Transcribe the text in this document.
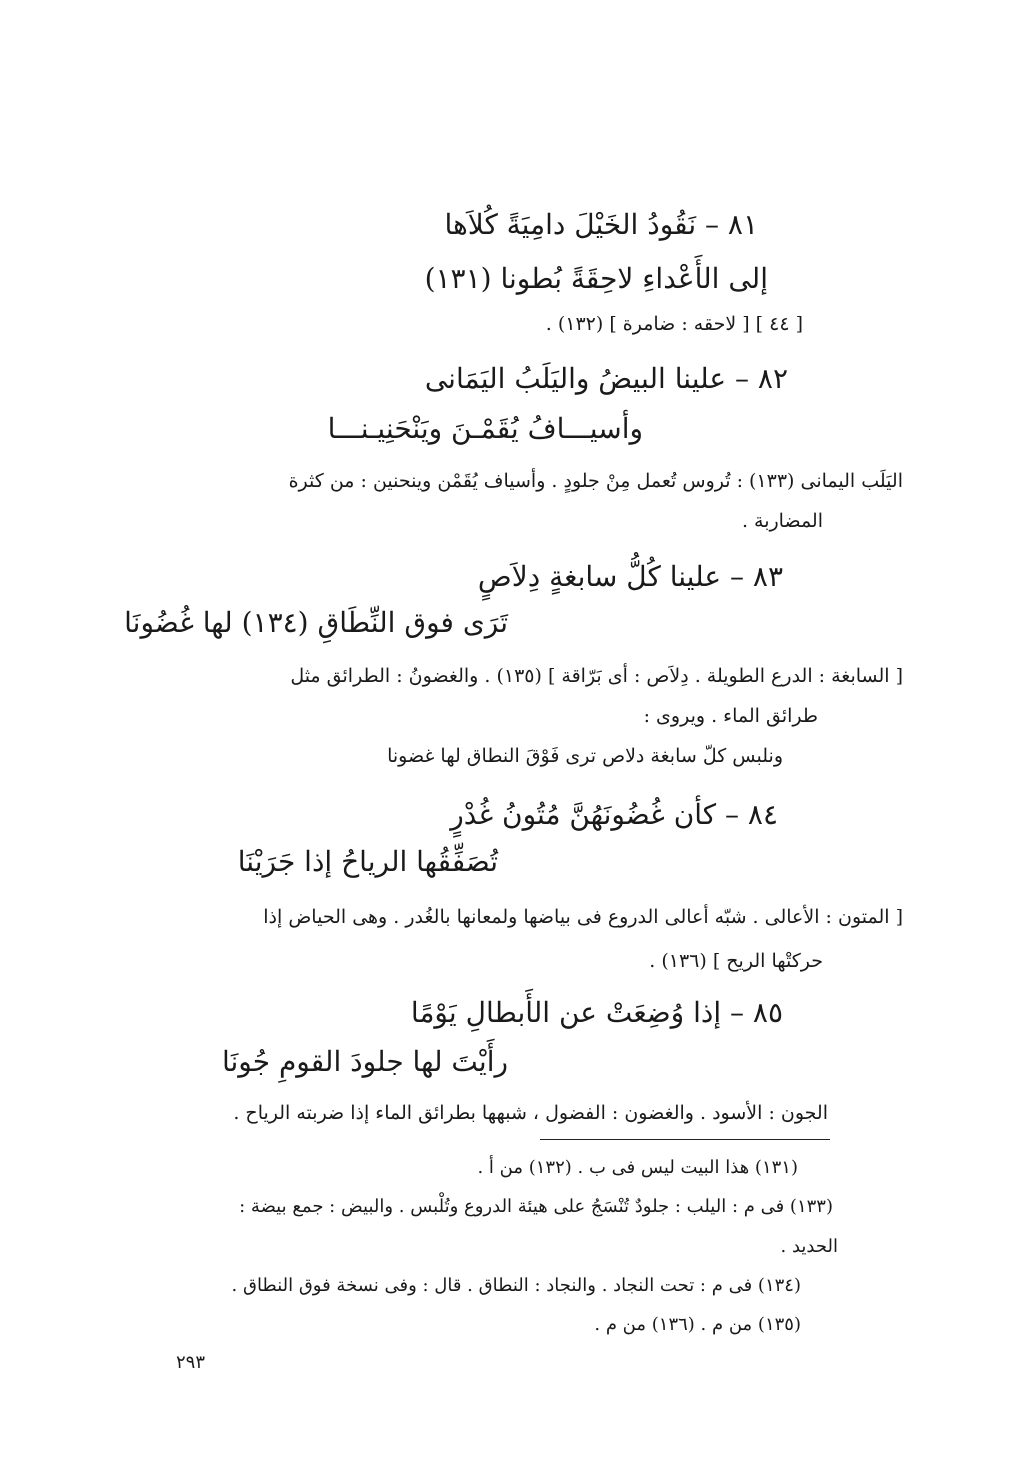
٨١ – نَقُودُ الخَيْلَ دامِيَةً كُلاَها
إلى الأَعْداءِ لاحِقَةً بُطونا (١٣١)
[ ٤٤ ] [ لاحقه : ضامرة ] (١٣٢) .
٨٢ – علينا البيضُ واليَلَبُ اليَمَانى
وأسيـــافُ يُقَمْـنَ ويَنْحَنِيـنـــا
اليَلَب اليمانى (١٣٣) : تُروس تُعمل مِنْ جلودٍ . وأسياف يُقَمْن وينحنين : من كثرة
المضاربة .
٨٣ – علينا كُلُّ سابغةٍ دِلاَصٍ
تَرَى فوق النِّطَاقِ (١٣٤) لها غُضُونَا
[ السابغة : الدرع الطويلة . دِلاَص : أى بَرّاقة ] (١٣٥) . والغضونُ : الطرائق مثل
طرائق الماء . ويروى :
ونلبس كلّ سابغة دلاص ترى فَوْقَ النطاق لها غضونا
٨٤ – كأن غُضُونَهُنَّ مُتُونُ غُدْرٍ
تُصَفِّقُها الرياحُ إذا جَرَيْنَا
[ المتون : الأعالى . شبّه أعالى الدروع فى بياضها ولمعانها بالغُدر . وهى الحياض إذا
حركتْها الريح ] (١٣٦) .
٨٥ – إذا وُضِعَتْ عن الأَبطالِ يَوْمًا
رأَيْتَ لها جلودَ القومِ جُونَا
الجون : الأسود . والغضون : الفضول ، شبهها بطرائق الماء إذا ضربته الرياح .
(١٣١) هذا البيت ليس فى ب . (١٣٢) من أ .
(١٣٣) فى م : اليلب : جلودٌ تُنْسَجُ على هيئة الدروع وتُلْبس . والبيض : جمع بيضة :
الحديد .
(١٣٤) فى م : تحت النجاد . والنجاد : النطاق . قال : وفى نسخة فوق النطاق .
(١٣٥) من م . (١٣٦) من م .
٢٩٣
